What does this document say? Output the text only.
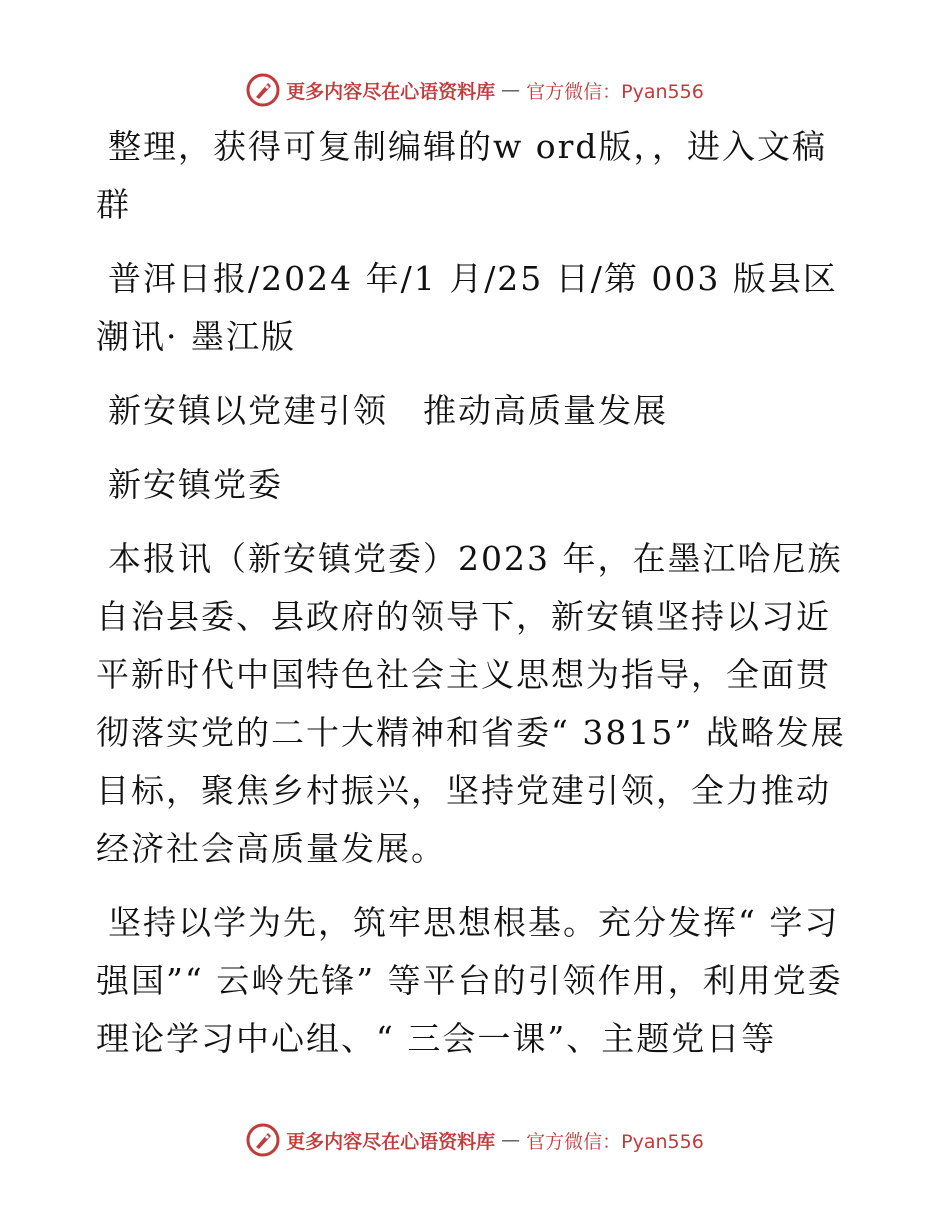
更多内容尽在心语资料库 — 官方微信：Pyan556

整理，获得可复制编辑的w ord版，，进入文稿群

普洱日报/2024 年/1 月/25 日/第 003 版县区潮讯· 墨江版

新安镇以党建引领　推动高质量发展

新安镇党委

本报讯（新安镇党委）2023 年，在墨江哈尼族自治县委、县政府的领导下，新安镇坚持以习近平新时代中国特色社会主义思想为指导，全面贯彻落实党的二十大精神和省委“ 3815” 战略发展目标，聚焦乡村振兴，坚持党建引领，全力推动经济社会高质量发展。

坚持以学为先，筑牢思想根基。充分发挥“ 学习强国”“ 云岭先锋” 等平台的引领作用，利用党委理论学习中心组、“ 三会一课”、主题党日等

更多内容尽在心语资料库 — 官方微信：Pyan556
